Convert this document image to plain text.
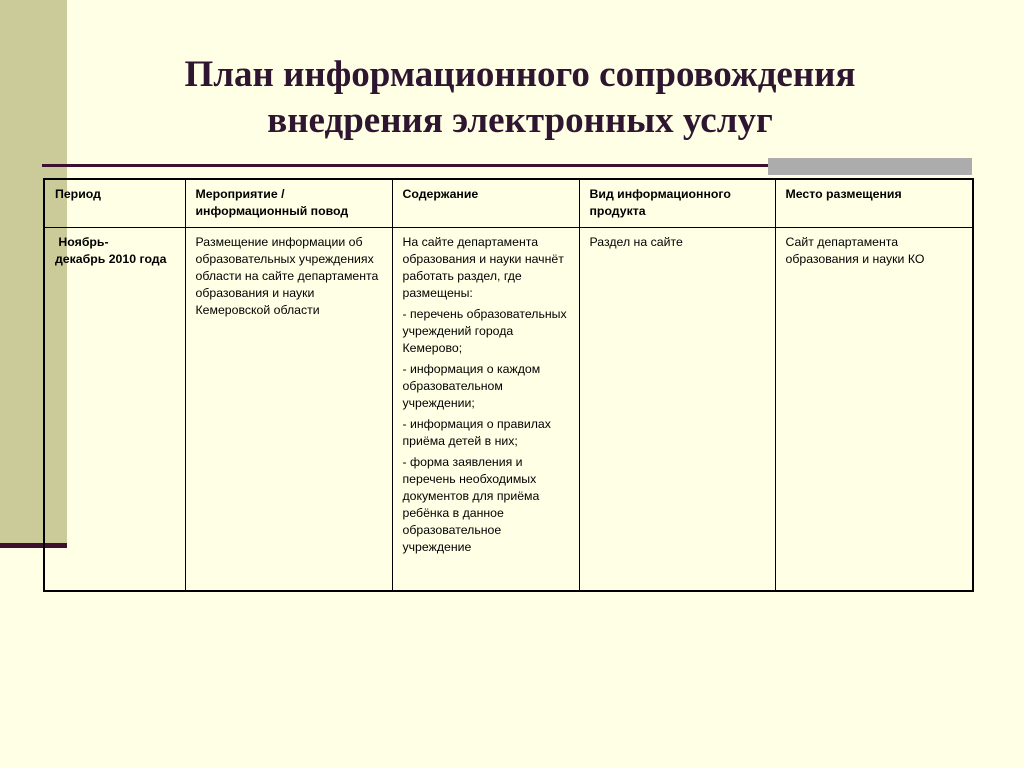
План информационного сопровождения
внедрения электронных услуг
Период	Мероприятие / информационный повод	Содержание	Вид информационного продукта	Место размещения

Ноябрь-
декабрь 2010 года	Размещение информации об образовательных учреждениях области на сайте департамента образования и науки Кемеровской области	На сайте департамента образования и науки начнёт работать раздел, где размещены:
- перечень образовательных учреждений города Кемерово;
- информация о каждом образовательном учреждении;
- информация о правилах приёма детей в них;
- форма заявления и перечень необходимых документов для приёма ребёнка в данное образовательное учреждение	Раздел на сайте	Сайт департамента образования и науки КО
